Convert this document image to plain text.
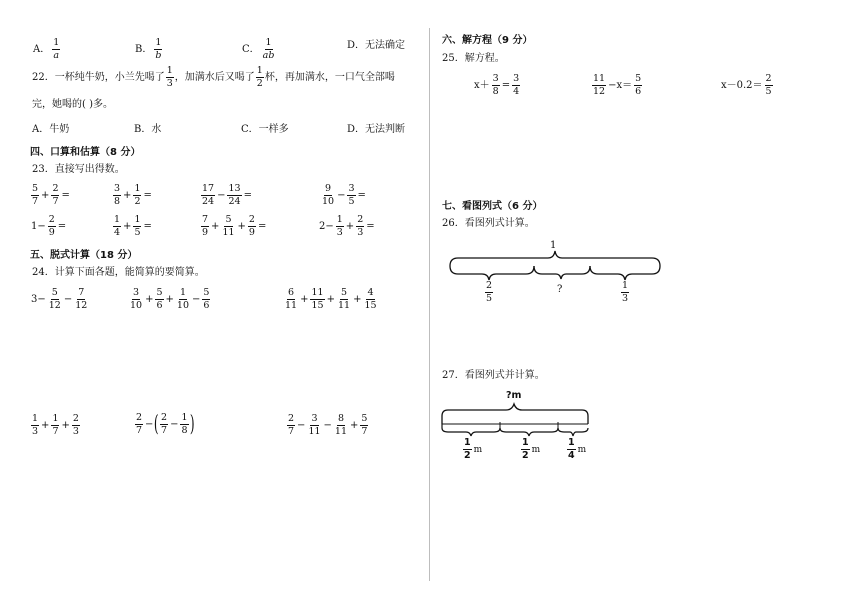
A． $\frac{1}{a}$	B． $\frac{1}{b}$	C． $\frac{1}{ab}$	D．无法确定
22．一杯纯牛奶，小兰先喝了 $\frac{1}{3}$ ，加满水后又喝了 $\frac{1}{2}$ 杯，再加满水，一口气全部喝
完，她喝的( )多。
A．牛奶	B．水	C．一样多	D．无法判断
四、口算和估算（8 分）
23．直接写出得数。
$\frac{5}{7} + \frac{2}{7}$ =	$\frac{3}{8} + \frac{1}{2}$ =	$\frac{17}{24} - \frac{13}{24}$ =	$\frac{9}{10} - \frac{3}{5}$ =
$1- \frac{2}{9}$ =	$\frac{1}{4} + \frac{1}{5}$ =	$\frac{7}{9} + \frac{5}{11} + \frac{2}{9}$ =	$2- \frac{1}{3} + \frac{2}{3}$ =
五、脱式计算（18 分）
24．计算下面各题，能简算的要简算。
$3- \frac{5}{12} - \frac{7}{12}$	$\frac{3}{10} + \frac{5}{6} + \frac{1}{10} - \frac{5}{6}$	$\frac{6}{11} + \frac{11}{15} + \frac{5}{11} + \frac{4}{15}$
$\frac{1}{3} + \frac{1}{7} + \frac{2}{3}$	$\frac{2}{7}$ −( $\frac{2}{7} - \frac{1}{8}$ )	$\frac{2}{7} - \frac{3}{11} - \frac{8}{11} + \frac{5}{7}$
六、解方程（9 分）
25．解方程。
$x+ \frac{3}{8} = \frac{3}{4}$	$\frac{11}{12} -x= \frac{5}{6}$	$x-0.2= \frac{2}{5}$
七、看图列式（6 分）
26．看图列式计算。
1
$\frac{2}{5}$	?	$\frac{1}{3}$
27．看图列式并计算。
?m
$\frac{1}{2}$ m	$\frac{1}{2}$ m	$\frac{1}{4}$ m
